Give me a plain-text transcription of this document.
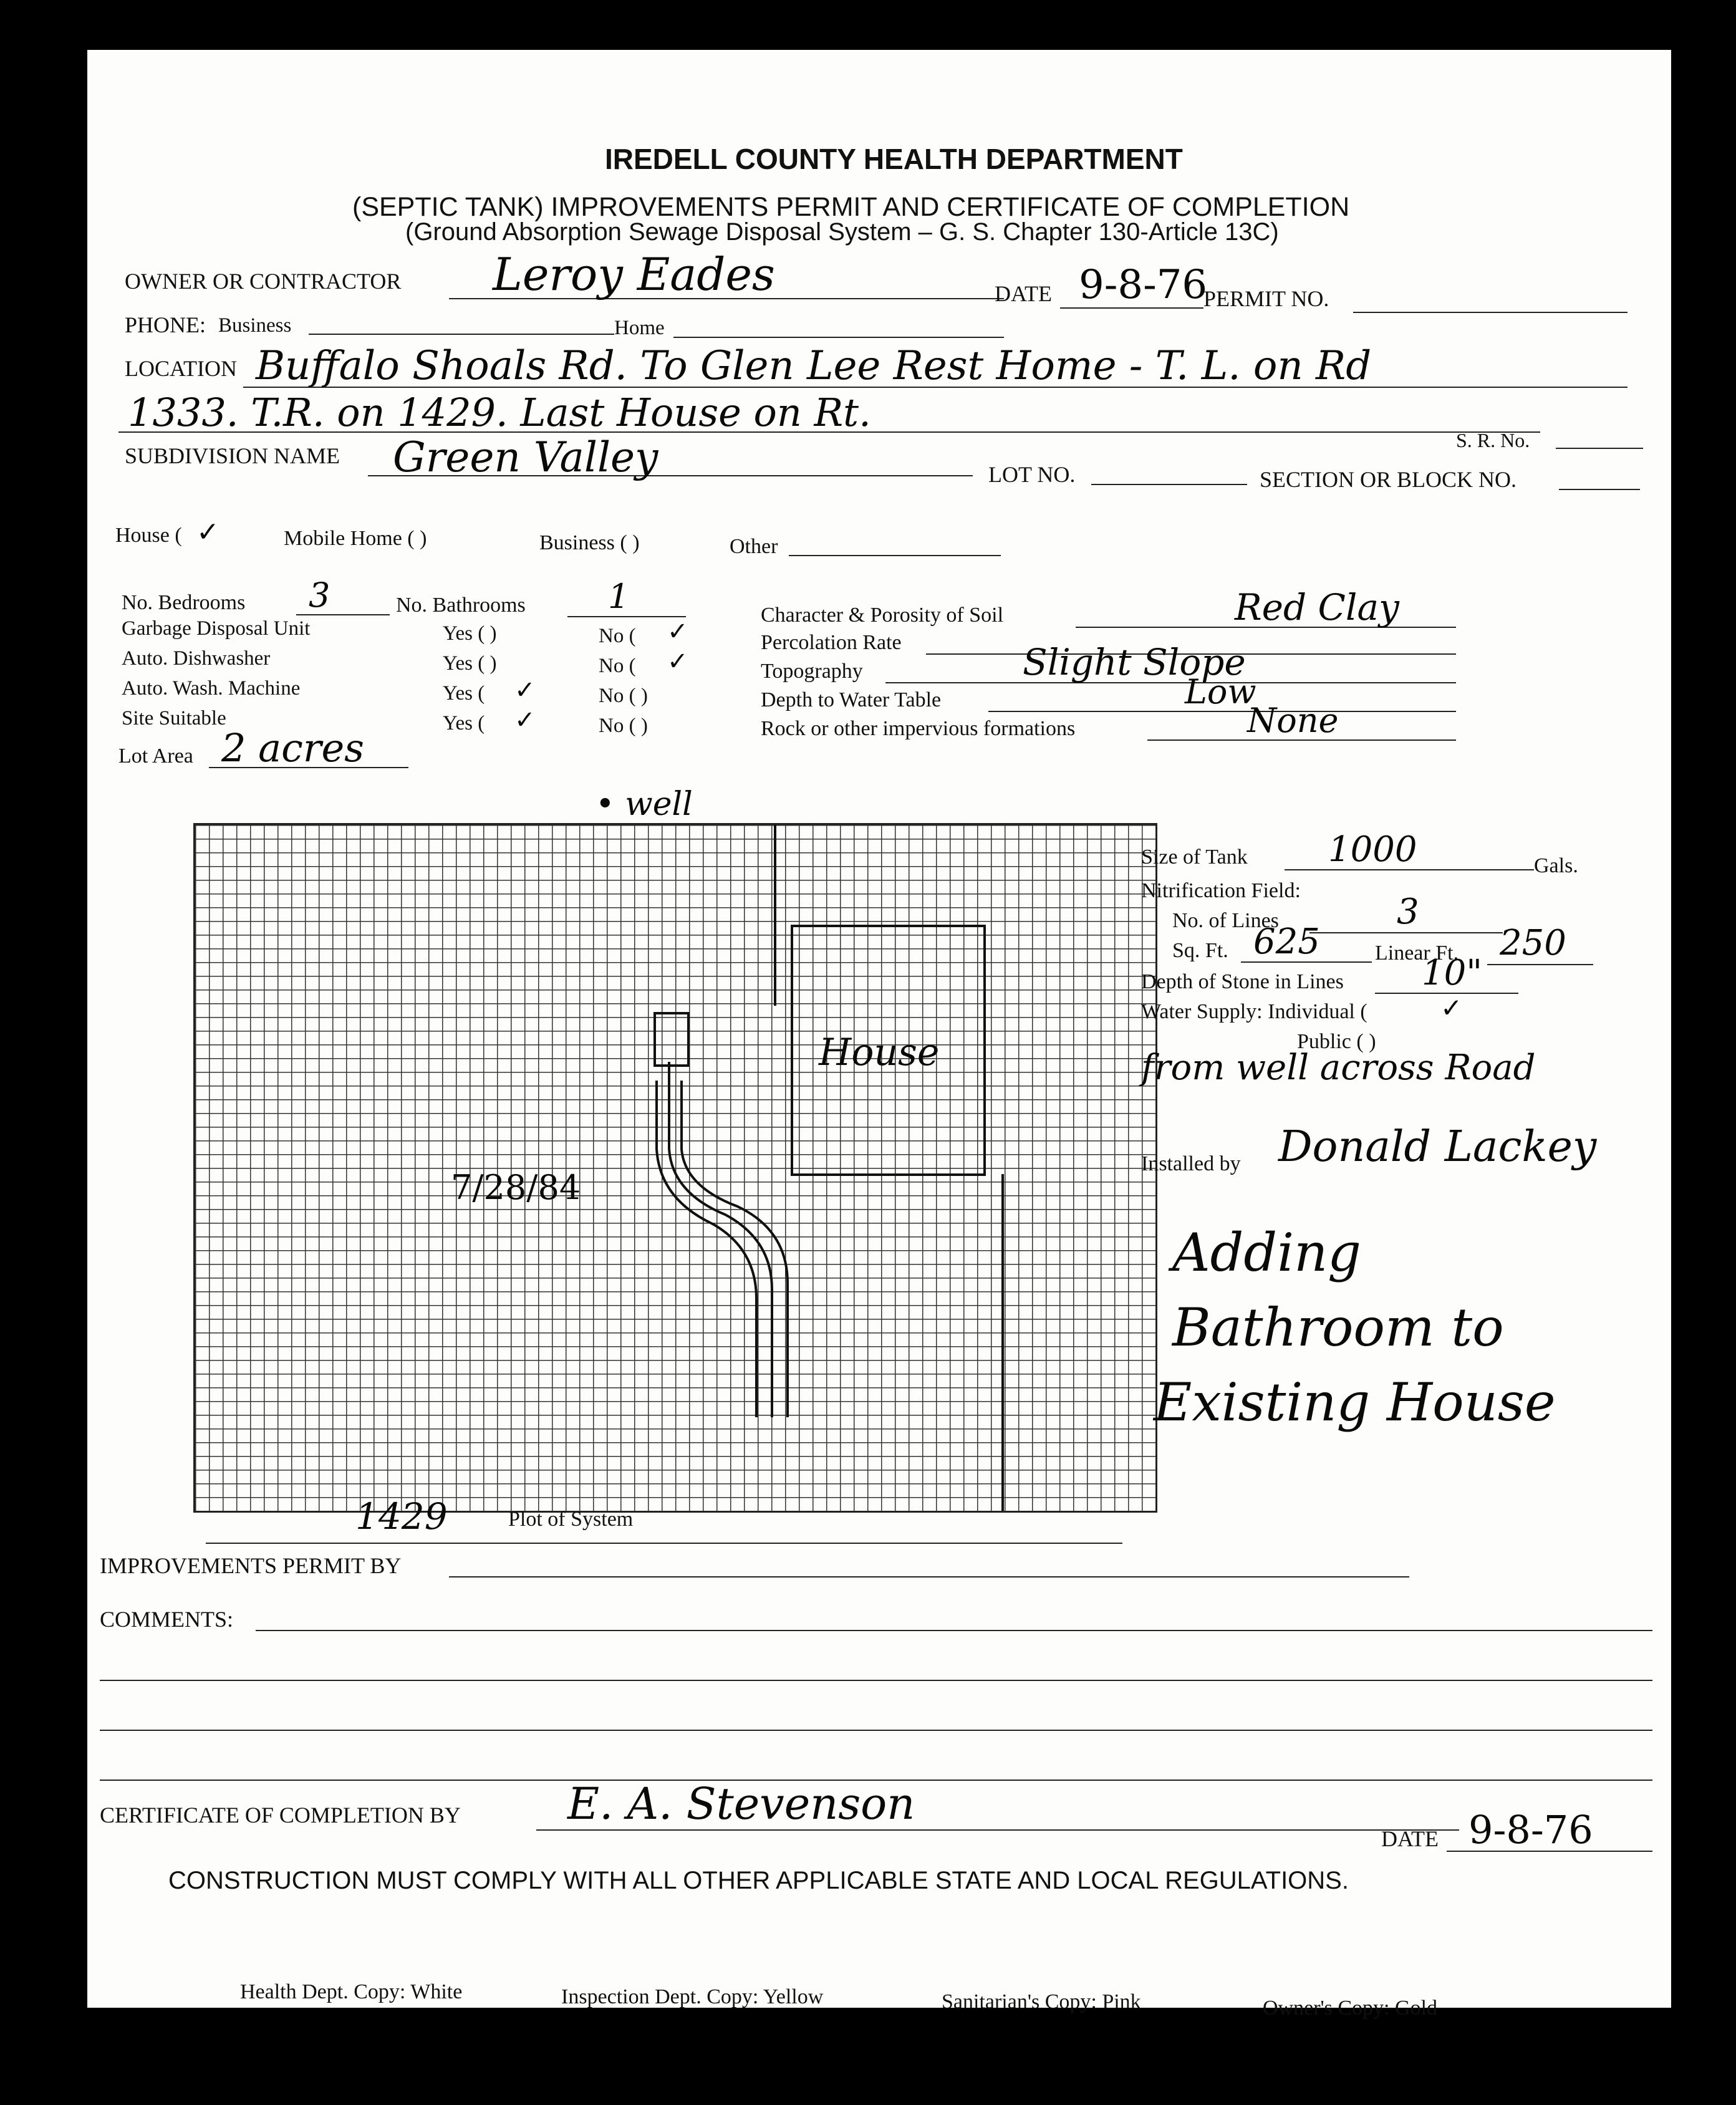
IREDELL COUNTY HEALTH DEPARTMENT
(SEPTIC TANK) IMPROVEMENTS PERMIT AND CERTIFICATE OF COMPLETION
(Ground Absorption Sewage Disposal System – G. S. Chapter 130-Article 13C)
OWNER OR CONTRACTOR Leroy Eades	DATE 9-8-76
PERMIT NO.
PHONE: Business	Home
LOCATION Buffalo Shoals Rd. To Glen Lee Rest Home - T. L. on Rd
1333. T.R. on 1429. Last House on Rt.
S. R. No.
SUBDIVISION NAME Green Valley	LOT NO.	SECTION OR BLOCK NO.
House ( ✓	Mobile Home ( )	Business ( )	Other
No. Bedrooms 3	No. Bathrooms 1
Garbage Disposal Unit	Yes ( )	No ( ✓
Auto. Dishwasher	Yes ( )	No ( ✓
Auto. Wash. Machine	Yes ( ✓	No ( )
Site Suitable	Yes ( ✓	No ( )
Lot Area 2 acres
Character & Porosity of Soil	Red Clay
Percolation Rate
Topography	Slight Slope
Depth to Water Table	Low
Rock or other impervious formations	None
• well
House
7/28/84
1429	Plot of System
Size of Tank 1000	Gals.
Nitrification Field:
No. of Lines	3
Sq. Ft. 625	Linear Ft. 250
Depth of Stone in Lines 10"
Water Supply: Individual (	✓
Public ( )
from well across Road
Installed by Donald Lackey
Adding
Bathroom to
Existing House
IMPROVEMENTS PERMIT BY
COMMENTS:
CERTIFICATE OF COMPLETION BY E. A. Stevenson
DATE 9-8-76
CONSTRUCTION MUST COMPLY WITH ALL OTHER APPLICABLE STATE AND LOCAL REGULATIONS.
Health Dept. Copy: White	Inspection Dept. Copy: Yellow	Sanitarian's Copy: Pink	Owner's Copy: Gold
